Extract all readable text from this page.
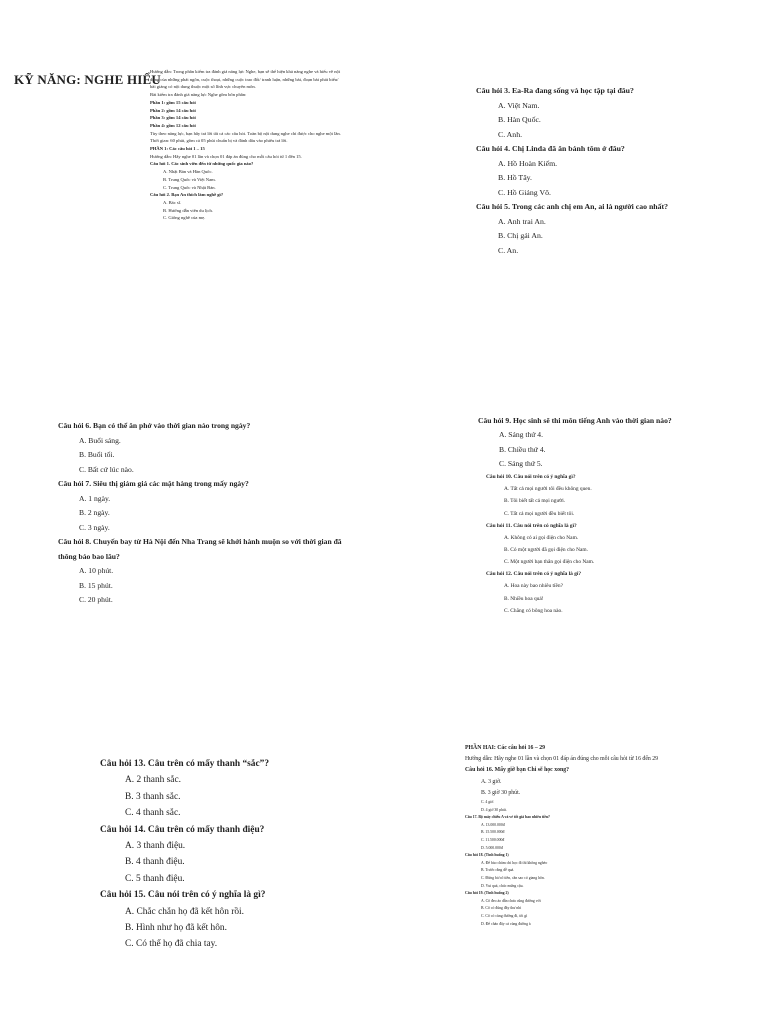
KỸ NĂNG: NGHE HIỂU
Hướng dẫn: Trong phần kiểm tra đánh giá năng lực Nghe, bạn sẽ thể hiện khả năng nghe và hiểu về nội dung của những phát ngôn, cuộc thoại, những cuộc trao đổi/ tranh luận, những bài, đoạn bài phát biểu/ bài giảng có nội dung thuộc một số lĩnh vực chuyên môn.
Bài kiểm tra đánh giá năng lực Nghe gồm bốn phần:
Phần 1: gồm 15 câu hỏi
Phần 2: gồm 14 câu hỏi
Phần 3: gồm 14 câu hỏi
Phần 4: gồm 12 câu hỏi
Tùy theo năng lực, bạn hãy trả lời tất cả các câu hỏi. Toàn bộ nội dung nghe chỉ được cho nghe một lần.
Thời gian: 60 phút, gồm cả 05 phút chuẩn bị và đánh dấu vào phiếu trả lời.
PHẦN 1: Các câu hỏi 1 – 15
Hướng dẫn: Hãy nghe 01 lần và chọn 01 đáp án đúng cho mỗi câu hỏi từ 1 đến 15.
Câu hỏi 1. Các sinh viên đến từ những quốc gia nào?
A. Nhật Bản và Hàn Quốc.
B. Trung Quốc và Việt Nam.
C. Trung Quốc và Nhật Bản.
Câu hỏi 2. Bạn An thích làm nghề gì?
A. Bác sĩ.
B. Hướng dẫn viên du lịch.
C. Giống nghề của mẹ.
Câu hỏi 3. Ea-Ra đang sống và học tập tại đâu?
A. Việt Nam.
B. Hàn Quốc.
C. Anh.
Câu hỏi 4. Chị Linda đã ăn bánh tôm ở đâu?
A. Hồ Hoàn Kiếm.
B. Hồ Tây.
C. Hồ Giảng Võ.
Câu hỏi 5. Trong các anh chị em An, ai là người cao nhất?
A. Anh trai An.
B. Chị gái An.
C. An.
Câu hỏi 6. Bạn có thể ăn phở vào thời gian nào trong ngày?
A. Buổi sáng.
B. Buổi tối.
C. Bất cứ lúc nào.
Câu hỏi 7. Siêu thị giảm giá các mặt hàng trong mấy ngày?
A. 1 ngày.
B. 2 ngày.
C. 3 ngày.
Câu hỏi 8. Chuyến bay từ Hà Nội đến Nha Trang sẽ khởi hành muộn so với thời gian đã thông báo bao lâu?
A. 10 phút.
B. 15 phút.
C. 20 phút.
Câu hỏi 9. Học sinh sẽ thi môn tiếng Anh vào thời gian nào?
A. Sáng thứ 4.
B. Chiều thứ 4.
C. Sáng thứ 5.
Câu hỏi 10. Câu nói trên có ý nghĩa gì?
A. Tất cả mọi người tôi đều không quen.
B. Tôi biết tất cả mọi người.
C. Tất cả mọi người đều biết tôi.
Câu hỏi 11. Câu nói trên có nghĩa là gì?
A. Không có ai gọi điện cho Nam.
B. Có một người đã gọi điện cho Nam.
C. Một người bạn thân gọi điện cho Nam.
Câu hỏi 12. Câu nói trên có ý nghĩa là gì?
A. Hoa này bao nhiêu tiền?
B. Nhiều hoa quá!
C. Chẳng có bông hoa nào.
Câu hỏi 13. Câu trên có mấy thanh “sắc”?
A. 2 thanh sắc.
B. 3 thanh sắc.
C. 4 thanh sắc.
Câu hỏi 14. Câu trên có mấy thanh điệu?
A. 3 thanh điệu.
B. 4 thanh điệu.
C. 5 thanh điệu.
Câu hỏi 15. Câu nói trên có ý nghĩa là gì?
A. Chắc chắn họ đã kết hôn rồi.
B. Hình như họ đã kết hôn.
C. Có thể họ đã chia tay.
PHẦN HAI: Các câu hỏi 16 – 29
Hướng dẫn: Hãy nghe 01 lần và chọn 01 đáp án đúng cho mỗi câu hỏi từ 16 đến 29
Câu hỏi 16. Mấy giờ bạn Chi sẽ học xong?
A. 3 giờ.
B. 3 giờ 30 phút.
C. 4 giờ.
D. 4 giờ 30 phút.
Câu 17. Bộ máy chiếu A và vé tốt giá bao nhiêu tiền?
A. 13.000.000đ
B. 15.500.000đ
C. 11.500.000đ
D. 5.000.000đ
Câu hỏi 18. (Tình huống 1)
A. Để bảo chăm chỉ học đi thì không nghèo
B. Trước rằng dễ quá.
C. Đừng bỏ/cố tiền, cần sao có giang hôn.
D. Vui quá, chúc mừng cậu.
Câu hỏi 19. (Tình huống 2)
A. Cô đeo áo dẫn chưa cũng đường với
B. Cô có đúng đây thư nhỉ
C. Cô có cùng đường đi, tôi gì
D. Để chào đấy cả cùng đường à
